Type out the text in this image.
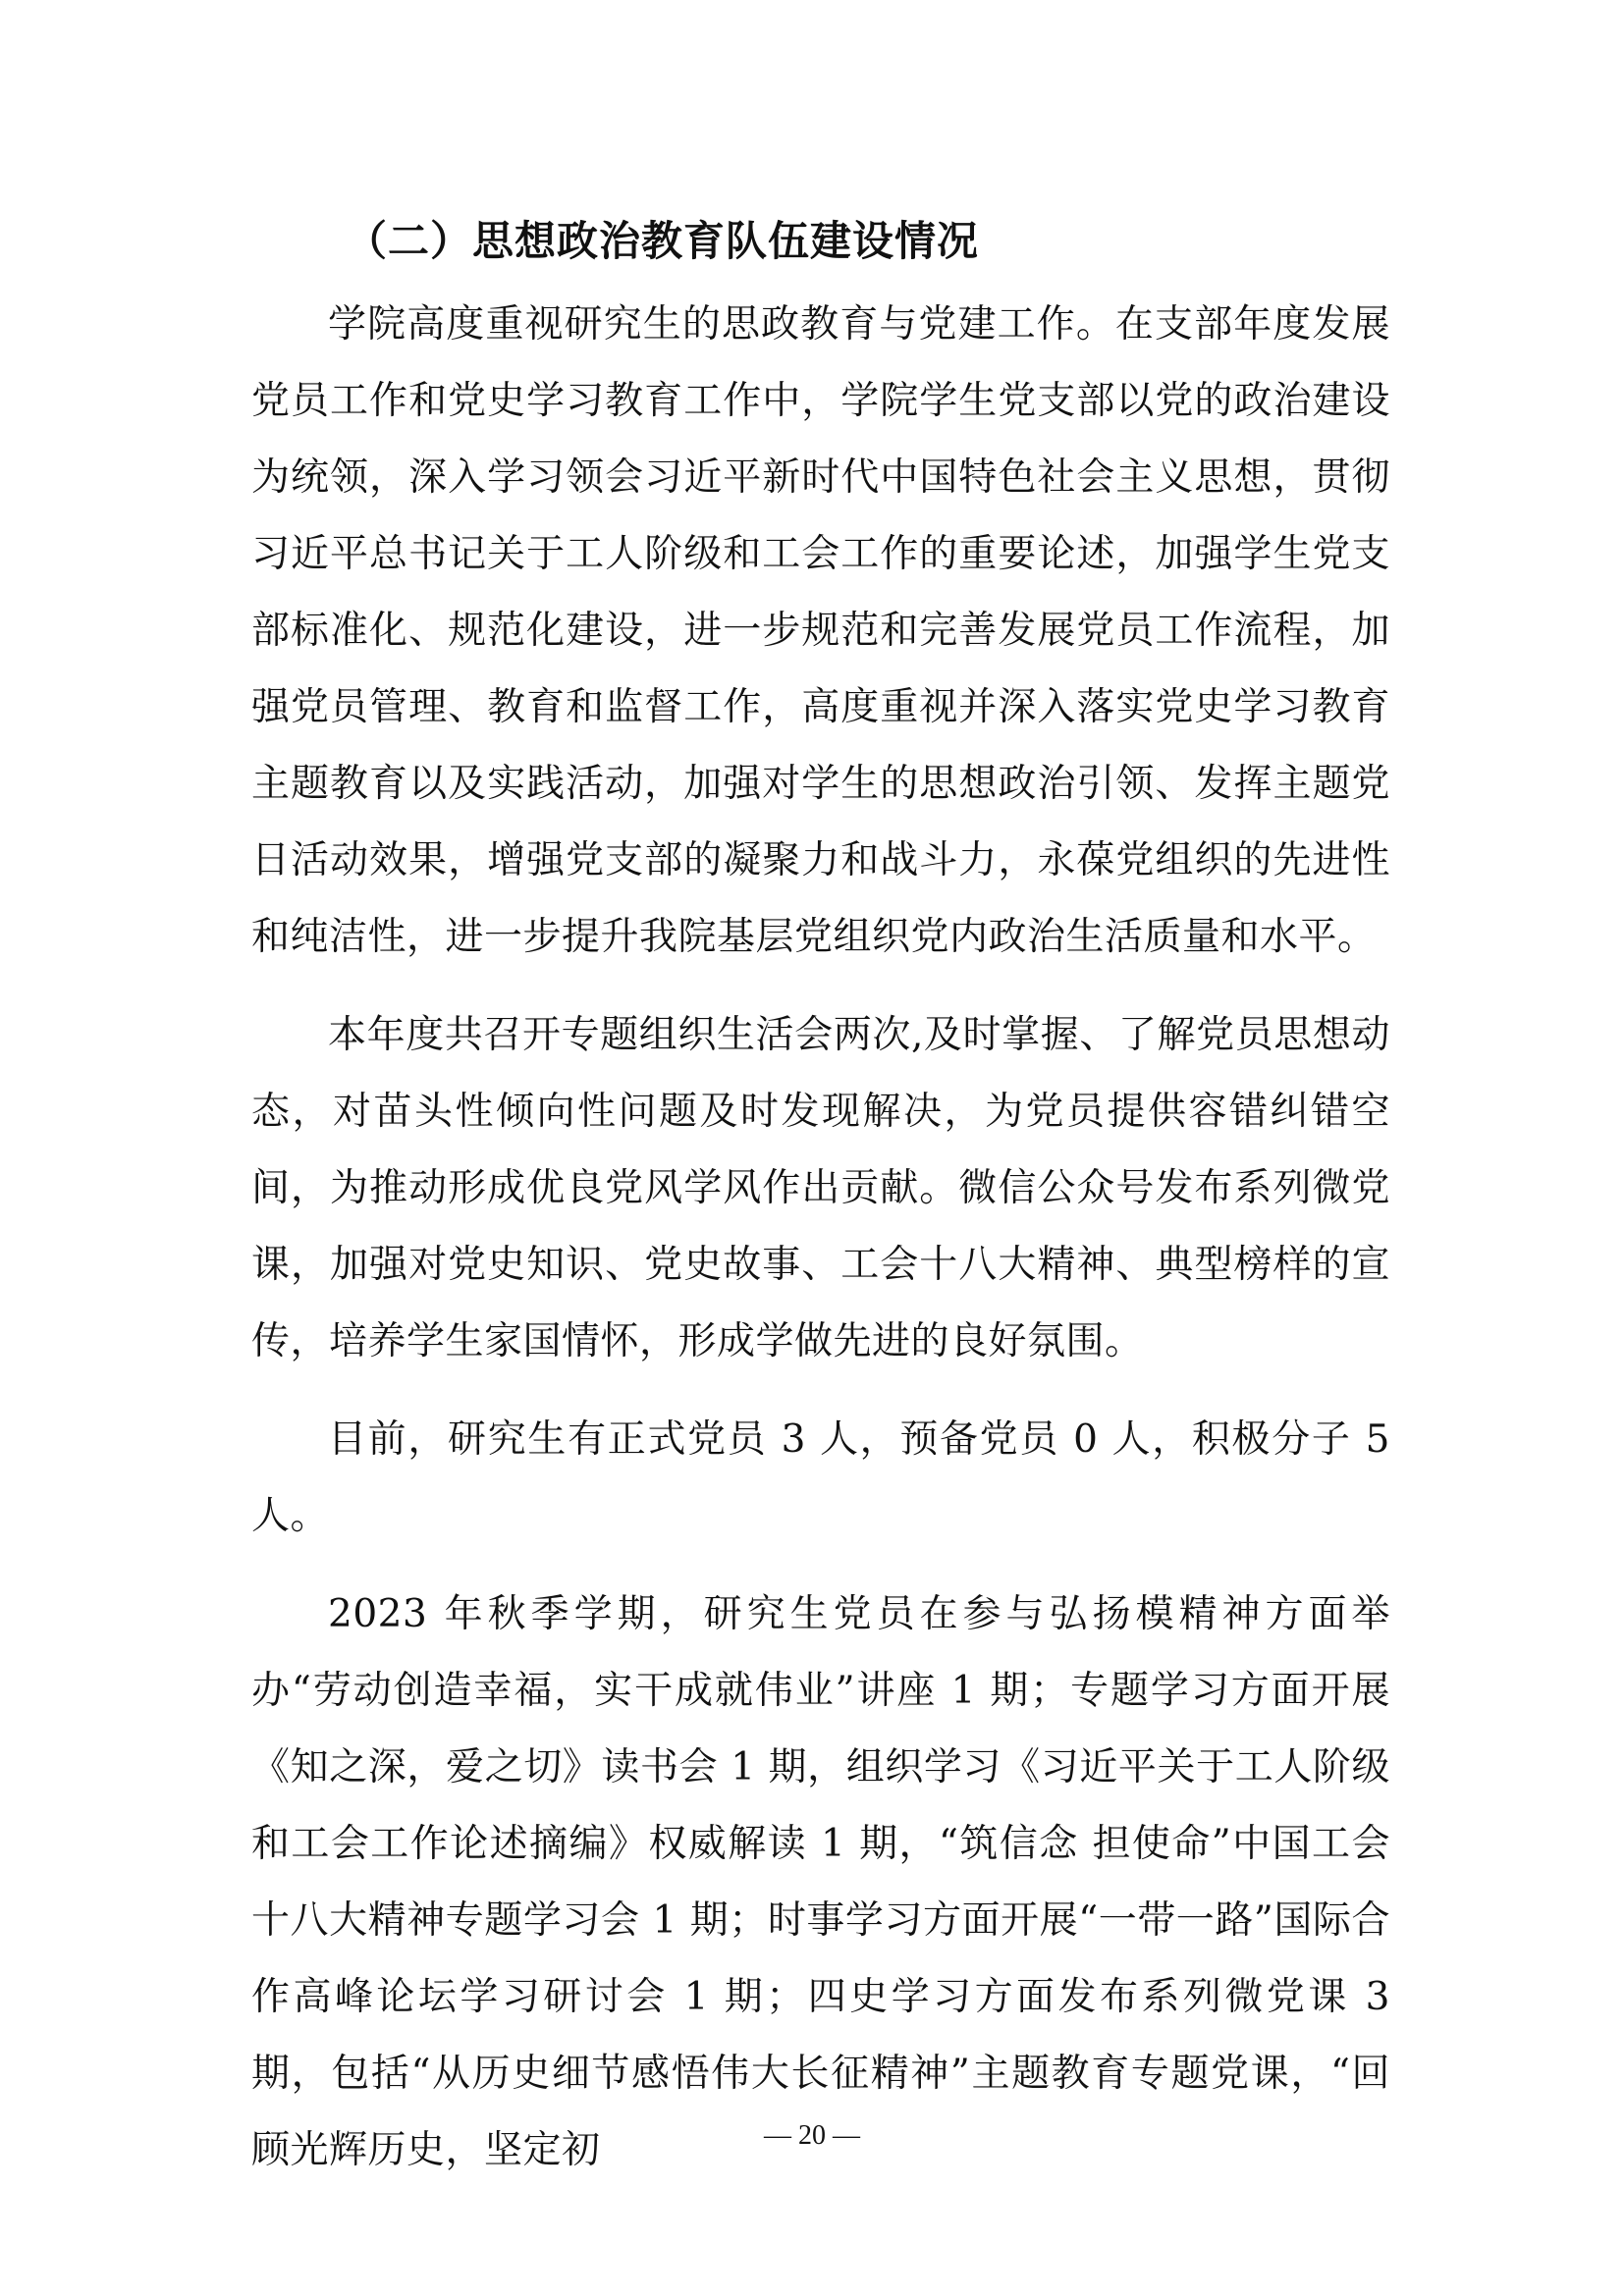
（二）思想政治教育队伍建设情况

学院高度重视研究生的思政教育与党建工作。在支部年度发展党员工作和党史学习教育工作中，学院学生党支部以党的政治建设为统领，深入学习领会习近平新时代中国特色社会主义思想，贯彻习近平总书记关于工人阶级和工会工作的重要论述，加强学生党支部标准化、规范化建设，进一步规范和完善发展党员工作流程，加强党员管理、教育和监督工作，高度重视并深入落实党史学习教育主题教育以及实践活动，加强对学生的思想政治引领、发挥主题党日活动效果，增强党支部的凝聚力和战斗力，永葆党组织的先进性和纯洁性，进一步提升我院基层党组织党内政治生活质量和水平。

本年度共召开专题组织生活会两次,及时掌握、了解党员思想动态，对苗头性倾向性问题及时发现解决，为党员提供容错纠错空间，为推动形成优良党风学风作出贡献。微信公众号发布系列微党课，加强对党史知识、党史故事、工会十八大精神、典型榜样的宣传，培养学生家国情怀，形成学做先进的良好氛围。

目前，研究生有正式党员 3 人，预备党员 0 人，积极分子 5 人。

2023 年秋季学期，研究生党员在参与弘扬模精神方面举办“劳动创造幸福，实干成就伟业”讲座 1 期；专题学习方面开展《知之深，爱之切》读书会 1 期，组织学习《习近平关于工人阶级和工会工作论述摘编》权威解读 1 期，“筑信念 担使命”中国工会十八大精神专题学习会 1 期；时事学习方面开展“一带一路”国际合作高峰论坛学习研讨会 1 期；四史学习方面发布系列微党课 3 期，包括“从历史细节感悟伟大长征精神”主题教育专题党课，“回顾光辉历史，坚定初	— 20 —
